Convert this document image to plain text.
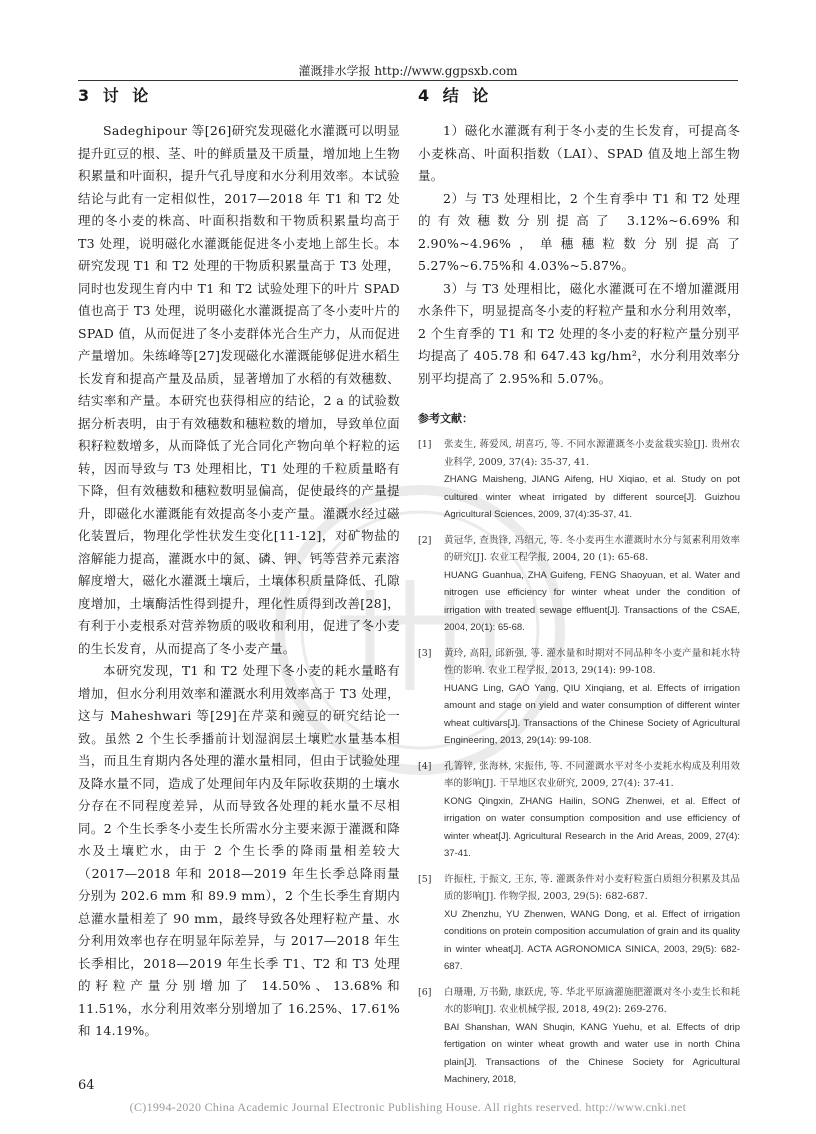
灌溉排水学报 http://www.ggpsxb.com
3 讨 论

Sadeghipour 等[26]研究发现磁化水灌溉可以明显提升豇豆的根、茎、叶的鲜质量及干质量，增加地上生物积累量和叶面积，提升气孔导度和水分利用效率。本试验结论与此有一定相似性，2017—2018 年 T1 和 T2 处理的冬小麦的株高、叶面积指数和干物质积累量均高于 T3 处理，说明磁化水灌溉能促进冬小麦地上部生长。本研究发现 T1 和 T2 处理的干物质积累量高于 T3 处理，同时也发现生育内中 T1 和 T2 试验处理下的叶片 SPAD 值也高于 T3 处理，说明磁化水灌溉提高了冬小麦叶片的 SPAD 值，从而促进了冬小麦群体光合生产力，从而促进产量增加。朱练峰等[27]发现磁化水灌溉能够促进水稻生长发育和提高产量及品质，显著增加了水稻的有效穗数、结实率和产量。本研究也获得相应的结论，2 a 的试验数据分析表明，由于有效穗数和穗粒数的增加，导致单位面积籽粒数增多，从而降低了光合同化产物向单个籽粒的运转，因而导致与 T3 处理相比，T1 处理的千粒质量略有下降，但有效穗数和穗粒数明显偏高，促使最终的产量提升，即磁化水灌溉能有效提高冬小麦产量。灌溉水经过磁化装置后，物理化学性状发生变化[11-12]，对矿物盐的溶解能力提高，灌溉水中的氮、磷、钾、钙等营养元素溶解度增大，磁化水灌溉土壤后，土壤体积质量降低、孔隙度增加，土壤酶活性得到提升，理化性质得到改善[28]，有利于小麦根系对营养物质的吸收和利用，促进了冬小麦的生长发育，从而提高了冬小麦产量。

本研究发现，T1 和 T2 处理下冬小麦的耗水量略有增加，但水分利用效率和灌溉水利用效率高于 T3 处理，这与 Maheshwari 等[29]在芹菜和豌豆的研究结论一致。虽然 2 个生长季播前计划湿润层土壤贮水量基本相当，而且生育期内各处理的灌水量相同，但由于试验处理及降水量不同，造成了处理间年内及年际收获期的土壤水分存在不同程度差异，从而导致各处理的耗水量不尽相同。2 个生长季冬小麦生长所需水分主要来源于灌溉和降水及土壤贮水，由于 2 个生长季的降雨量相差较大（2017—2018 年和 2018—2019 年生长季总降雨量分别为 202.6 mm 和 89.9 mm），2 个生长季生育期内总灌水量相差了 90 mm，最终导致各处理籽粒产量、水分利用效率也存在明显年际差异，与 2017—2018 年生长季相比，2018—2019 年生长季 T1、T2 和 T3 处理的籽粒产量分别增加了 14.50%、13.68%和 11.51%，水分利用效率分别增加了 16.25%、17.61%和 14.19%。

4 结 论

1）磁化水灌溉有利于冬小麦的生长发育，可提高冬小麦株高、叶面积指数（LAI）、SPAD 值及地上部生物量。

2）与 T3 处理相比，2 个生育季中 T1 和 T2 处理的有效穗数分别提高了 3.12%~6.69%和 2.90%~4.96%，单穗穗粒数分别提高了 5.27%~6.75%和 4.03%~5.87%。

3）与 T3 处理相比，磁化水灌溉可在不增加灌溉用水条件下，明显提高冬小麦的籽粒产量和水分利用效率，2 个生育季的 T1 和 T2 处理的冬小麦的籽粒产量分别平均提高了 405.78 和 647.43 kg/hm²，水分利用效率分别平均提高了 2.95%和 5.07%。

参考文献：
[1] 张麦生, 蒋爱凤, 胡喜巧, 等. 不同水源灌溉冬小麦盆栽实验[J]. 贵州农业科学, 2009, 37(4): 35-37, 41.
ZHANG Maisheng, JIANG Aifeng, HU Xiqiao, et al. Study on pot cultured winter wheat irrigated by different source[J]. Guizhou Agricultural Sciences, 2009, 37(4):35-37, 41.
[2] 黄冠华, 查贵锋, 冯绍元, 等. 冬小麦再生水灌溉时水分与氮素利用效率的研究[J]. 农业工程学报, 2004, 20 (1): 65-68.
HUANG Guanhua, ZHA Guifeng, FENG Shaoyuan, et al. Water and nitrogen use efficiency for winter wheat under the condition of irrigation with treated sewage effluent[J]. Transactions of the CSAE, 2004, 20(1): 65-68.
[3] 黄玲, 高阳, 邱新强, 等. 灌水量和时期对不同品种冬小麦产量和耗水特性的影响. 农业工程学报, 2013, 29(14): 99-108.
HUANG Ling, GAO Yang, QIU Xinqiang, et al. Effects of irrigation amount and stage on yield and water consumption of different winter wheat cultivars[J]. Transactions of the Chinese Society of Agricultural Engineering, 2013, 29(14): 99-108.
[4] 孔箐锌, 张海林, 宋振伟, 等. 不同灌溉水平对冬小麦耗水构成及利用效率的影响[J]. 干旱地区农业研究, 2009, 27(4): 37-41.
KONG Qingxin, ZHANG Hailin, SONG Zhenwei, et al. Effect of irrigation on water consumption composition and use efficiency of winter wheat[J]. Agricultural Research in the Arid Areas, 2009, 27(4): 37-41.
[5] 许振柱, 于振文, 王东, 等. 灌溉条件对小麦籽粒蛋白质组分积累及其品质的影响[J]. 作物学报, 2003, 29(5): 682-687.
XU Zhenzhu, YU Zhenwen, WANG Dong, et al. Effect of irrigation conditions on protein composition accumulation of grain and its quality in winter wheat[J]. ACTA AGRONOMICA SINICA, 2003, 29(5): 682-687.
[6] 白珊珊, 万书勤, 康跃虎, 等. 华北平原滴灌施肥灌溉对冬小麦生长和耗水的影响[J]. 农业机械学报, 2018, 49(2): 269-276.
BAI Shanshan, WAN Shuqin, KANG Yuehu, et al. Effects of drip fertigation on winter wheat growth and water use in north China plain[J]. Transactions of the Chinese Society for Agricultural Machinery, 2018,
64
(C)1994-2020 China Academic Journal Electronic Publishing House. All rights reserved. http://www.cnki.net
